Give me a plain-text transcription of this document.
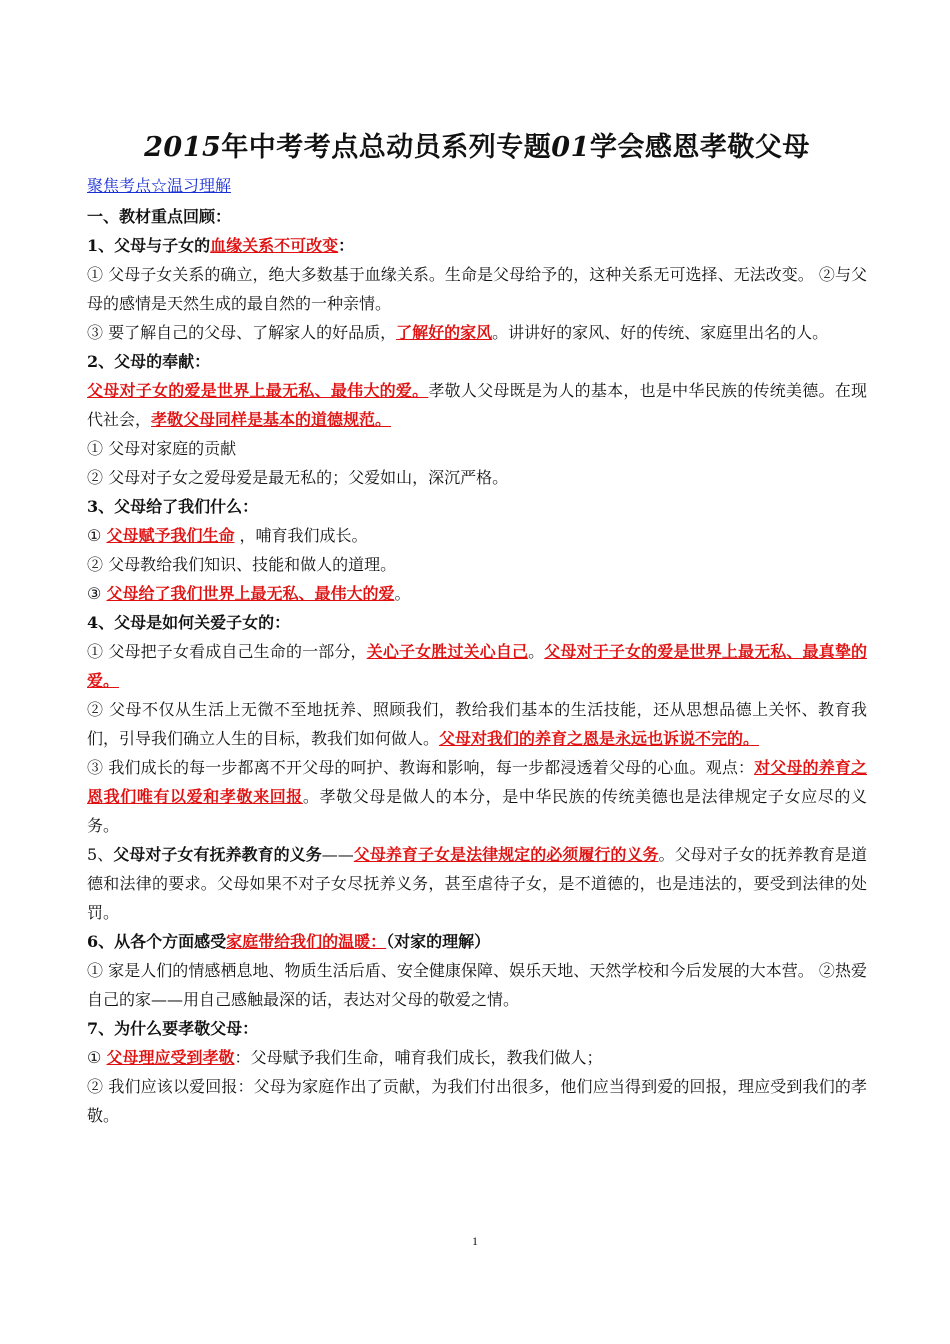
2015年中考考点总动员系列专题01学会感恩孝敬父母
聚焦考点☆温习理解

一、教材重点回顾：

1、父母与子女的血缘关系不可改变：

① 父母子女关系的确立，绝大多数基于血缘关系。生命是父母给予的，这种关系无可选择、无法改变。 ②与父母的感情是天然生成的最自然的一种亲情。

③ 要了解自己的父母、了解家人的好品质，了解好的家风。讲讲好的家风、好的传统、家庭里出名的人。

2、父母的奉献：

父母对子女的爱是世界上最无私、最伟大的爱。孝敬人父母既是为人的基本，也是中华民族的传统美德。在现代社会，孝敬父母同样是基本的道德规范。

① 父母对家庭的贡献

② 父母对子女之爱母爱是最无私的；父爱如山，深沉严格。

3、父母给了我们什么：

① 父母赋予我们生命 ，哺育我们成长。

② 父母教给我们知识、技能和做人的道理。

③ 父母给了我们世界上最无私、最伟大的爱。

4、父母是如何关爱子女的：

① 父母把子女看成自己生命的一部分，关心子女胜过关心自己。父母对于子女的爱是世界上最无私、最真挚的爱。

② 父母不仅从生活上无微不至地抚养、照顾我们，教给我们基本的生活技能，还从思想品德上关怀、教育我们，引导我们确立人生的目标，教我们如何做人。父母对我们的养育之恩是永远也诉说不完的。

③ 我们成长的每一步都离不开父母的呵护、教诲和影响，每一步都浸透着父母的心血。观点：对父母的养育之恩我们唯有以爱和孝敬来回报。孝敬父母是做人的本分，是中华民族的传统美德也是法律规定子女应尽的义务。

5、父母对子女有抚养教育的义务——父母养育子女是法律规定的必须履行的义务。父母对子女的抚养教育是道德和法律的要求。父母如果不对子女尽抚养义务，甚至虐待子女，是不道德的，也是违法的，要受到法律的处罚。

6、从各个方面感受家庭带给我们的温暖：（对家的理解）

① 家是人们的情感栖息地、物质生活后盾、安全健康保障、娱乐天地、天然学校和今后发展的大本营。 ②热爱自己的家——用自己感触最深的话，表达对父母的敬爱之情。

7、为什么要孝敬父母：

① 父母理应受到孝敬：父母赋予我们生命，哺育我们成长，教我们做人；

② 我们应该以爱回报：父母为家庭作出了贡献，为我们付出很多，他们应当得到爱的回报，理应受到我们的孝敬。

1
